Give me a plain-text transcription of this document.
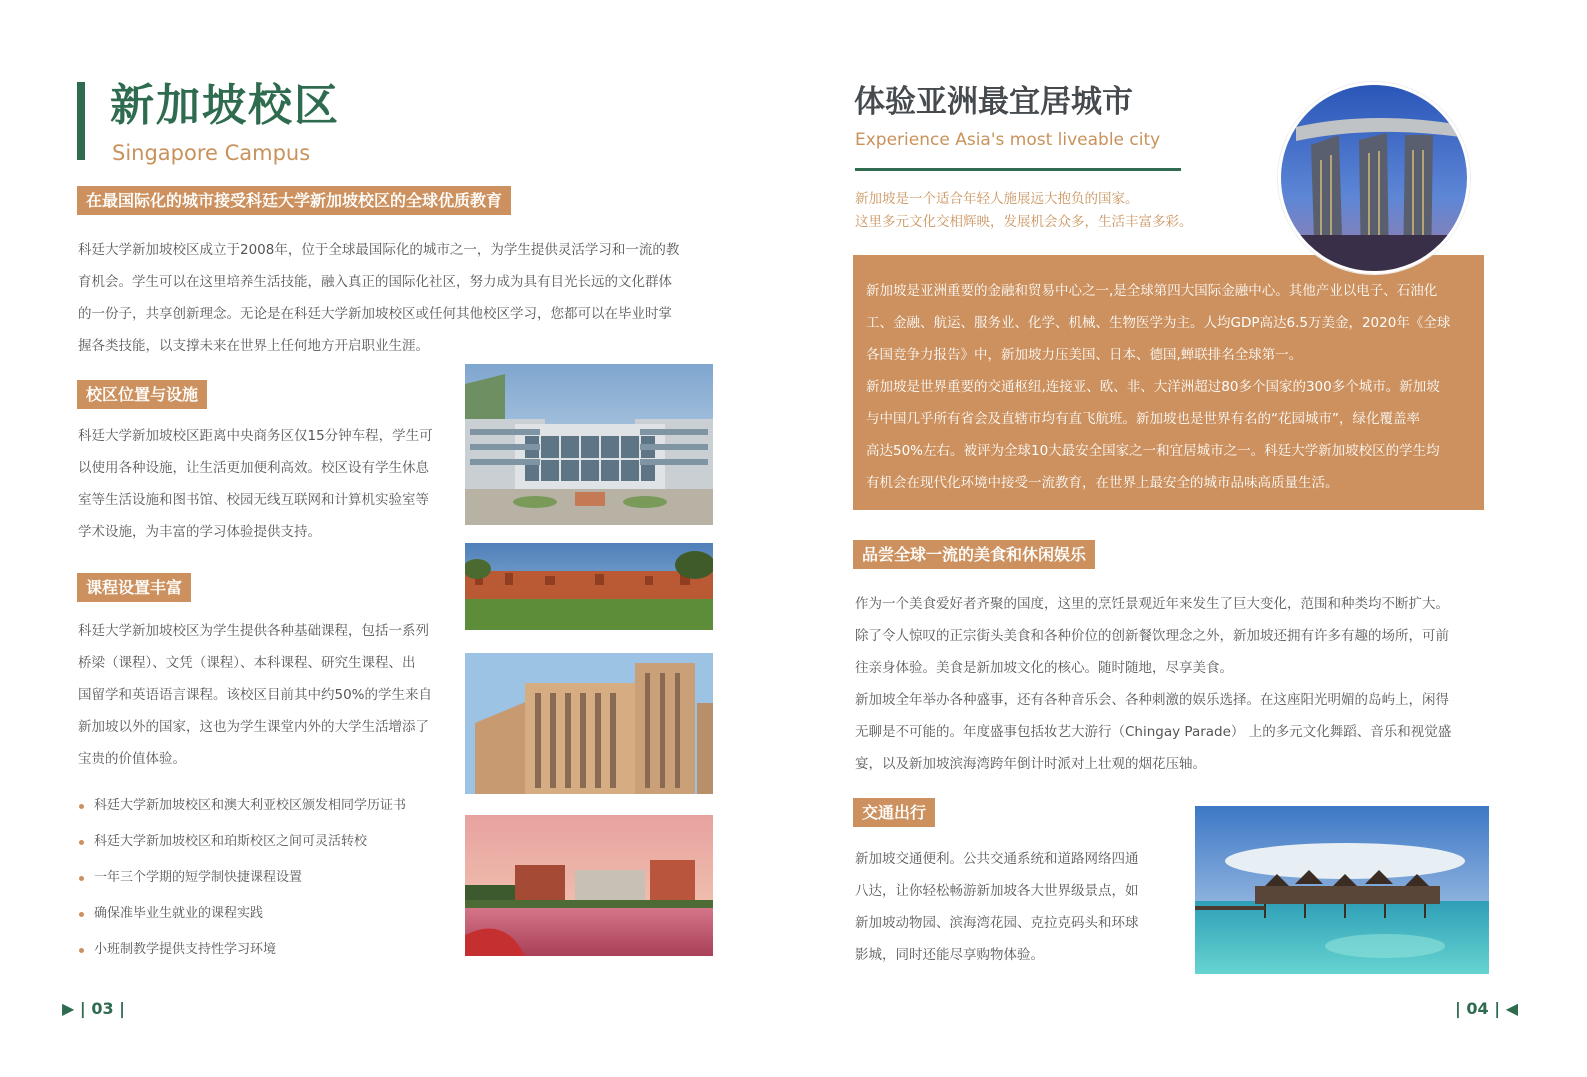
新加坡校区
Singapore Campus
在最国际化的城市接受科廷大学新加坡校区的全球优质教育

科廷大学新加坡校区成立于2008年，位于全球最国际化的城市之一，为学生提供灵活学习和一流的教

育机会。学生可以在这里培养生活技能，融入真正的国际化社区，努力成为具有目光长远的文化群体

的一份子，共享创新理念。无论是在科廷大学新加坡校区或任何其他校区学习，您都可以在毕业时掌

握各类技能，以支撑未来在世界上任何地方开启职业生涯。

校区位置与设施

科廷大学新加坡校区距离中央商务区仅15分钟车程，学生可

以使用各种设施，让生活更加便利高效。校区设有学生休息

室等生活设施和图书馆、校园无线互联网和计算机实验室等

学术设施，为丰富的学习体验提供支持。

课程设置丰富

科廷大学新加坡校区为学生提供各种基础课程，包括一系列

桥梁（课程）、文凭（课程）、本科课程、研究生课程、出

国留学和英语语言课程。该校区目前其中约50%的学生来自

新加坡以外的国家，这也为学生课堂内外的大学生活增添了

宝贵的价值体验。

科廷大学新加坡校区和澳大利亚校区颁发相同学历证书
科廷大学新加坡校区和珀斯校区之间可灵活转校
一年三个学期的短学制快捷课程设置
确保准毕业生就业的课程实践
小班制教学提供支持性学习环境
▶ | 03 |
体验亚洲最宜居城市
Experience Asia's most liveable city

新加坡是一个适合年轻人施展远大抱负的国家。

这里多元文化交相辉映，发展机会众多，生活丰富多彩。

新加坡是亚洲重要的金融和贸易中心之一,是全球第四大国际金融中心。其他产业以电子、石油化

工、金融、航运、服务业、化学、机械、生物医学为主。人均GDP高达6.5万美金，2020年《全球

各国竞争力报告》中，新加坡力压美国、日本、德国,蝉联排名全球第一。

新加坡是世界重要的交通枢纽,连接亚、欧、非、大洋洲超过80多个国家的300多个城市。新加坡

与中国几乎所有省会及直辖市均有直飞航班。新加坡也是世界有名的“花园城市”，绿化覆盖率

高达50%左右。被评为全球10大最安全国家之一和宜居城市之一。科廷大学新加坡校区的学生均

有机会在现代化环境中接受一流教育，在世界上最安全的城市品味高质量生活。

品尝全球一流的美食和休闲娱乐

作为一个美食爱好者齐聚的国度，这里的烹饪景观近年来发生了巨大变化，范围和种类均不断扩大。

除了令人惊叹的正宗街头美食和各种价位的创新餐饮理念之外，新加坡还拥有许多有趣的场所，可前

往亲身体验。美食是新加坡文化的核心。随时随地，尽享美食。

新加坡全年举办各种盛事，还有各种音乐会、各种刺激的娱乐选择。在这座阳光明媚的岛屿上，闲得

无聊是不可能的。年度盛事包括妆艺大游行（Chingay Parade） 上的多元文化舞蹈、音乐和视觉盛

宴，以及新加坡滨海湾跨年倒计时派对上壮观的烟花压轴。

交通出行

新加坡交通便利。公共交通系统和道路网络四通

八达，让你轻松畅游新加坡各大世界级景点，如

新加坡动物园、滨海湾花园、克拉克码头和环球

影城，同时还能尽享购物体验。

| 04 | ◀
